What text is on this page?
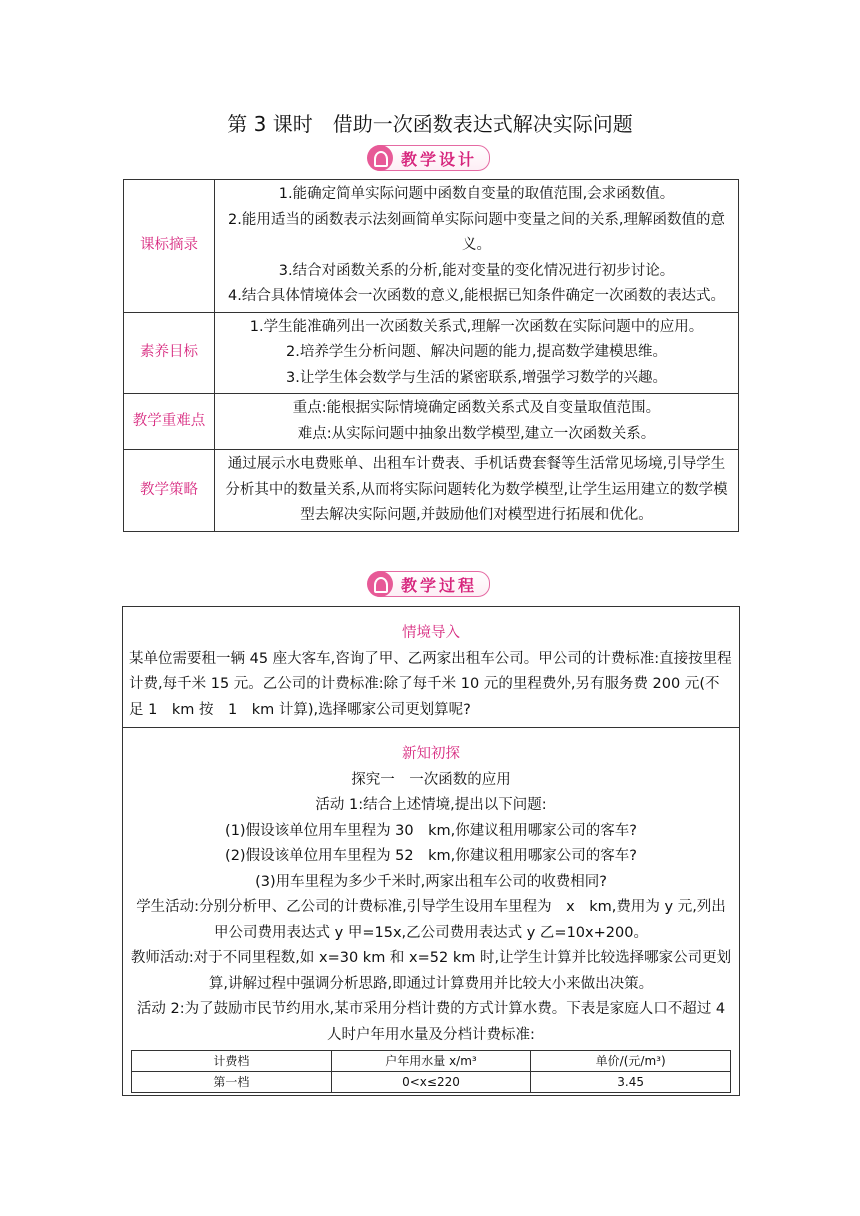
第 3 课时　借助一次函数表达式解决实际问题
教学设计
课标摘录	1.能确定简单实际问题中函数自变量的取值范围,会求函数值。
2.能用适当的函数表示法刻画简单实际问题中变量之间的关系,理解函数值的意义。
3.结合对函数关系的分析,能对变量的变化情况进行初步讨论。
4.结合具体情境体会一次函数的意义,能根据已知条件确定一次函数的表达式。

素养目标	1.学生能准确列出一次函数关系式,理解一次函数在实际问题中的应用。
2.培养学生分析问题、解决问题的能力,提高数学建模思维。
3.让学生体会数学与生活的紧密联系,增强学习数学的兴趣。

教学重难点	重点:能根据实际情境确定函数关系式及自变量取值范围。
难点:从实际问题中抽象出数学模型,建立一次函数关系。

教学策略	通过展示水电费账单、出租车计费表、手机话费套餐等生活常见场境,引导学生分析其中的数量关系,从而将实际问题转化为数学模型,让学生运用建立的数学模型去解决实际问题,并鼓励他们对模型进行拓展和优化。
教学过程
情境导入
某单位需要租一辆 45 座大客车,咨询了甲、乙两家出租车公司。甲公司的计费标准:直接按里程计费,每千米 15 元。乙公司的计费标准:除了每千米 10 元的里程费外,另有服务费 200 元(不足 1　km 按　1　km 计算),选择哪家公司更划算呢?
新知初探
探究一　一次函数的应用
活动 1:结合上述情境,提出以下问题:
(1)假设该单位用车里程为 30　km,你建议租用哪家公司的客车?
(2)假设该单位用车里程为 52　km,你建议租用哪家公司的客车?
(3)用车里程为多少千米时,两家出租车公司的收费相同?
学生活动:分别分析甲、乙公司的计费标准,引导学生设用车里程为　x　km,费用为 y 元,列出甲公司费用表达式 y 甲=15x,乙公司费用表达式 y 乙=10x+200。
教师活动:对于不同里程数,如 x=30 km 和 x=52 km 时,让学生计算并比较选择哪家公司更划算,讲解过程中强调分析思路,即通过计算费用并比较大小来做出决策。
活动 2:为了鼓励市民节约用水,某市采用分档计费的方式计算水费。下表是家庭人口不超过 4 人时户年用水量及分档计费标准:
计费档	户年用水量 x/m³	单价/(元/m³)
第一档	0<x≤220	3.45
